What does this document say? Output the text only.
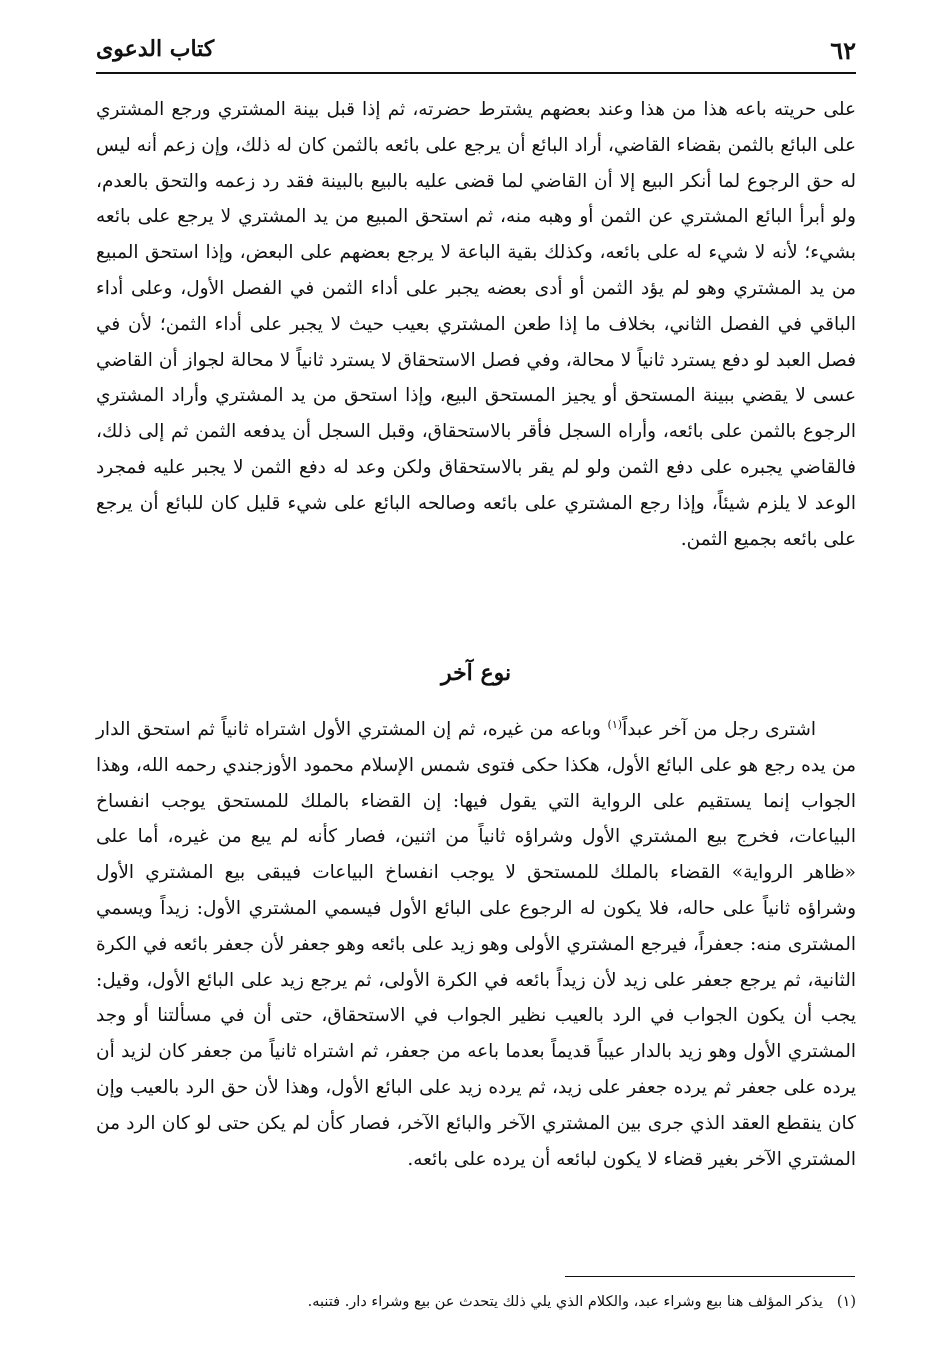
٦٢
كتاب الدعوى

على حريته باعه هذا من هذا وعند بعضهم يشترط حضرته، ثم إذا قبل بينة المشتري ورجع المشتري على البائع بالثمن بقضاء القاضي، أراد البائع أن يرجع على بائعه بالثمن كان له ذلك، وإن زعم أنه ليس له حق الرجوع لما أنكر البيع إلا أن القاضي لما قضى عليه بالبيع بالبينة فقد رد زعمه والتحق بالعدم، ولو أبرأ البائع المشتري عن الثمن أو وهبه منه، ثم استحق المبيع من يد المشتري لا يرجع على بائعه بشيء؛ لأنه لا شيء له على بائعه، وكذلك بقية الباعة لا يرجع بعضهم على البعض، وإذا استحق المبيع من يد المشتري وهو لم يؤد الثمن أو أدى بعضه يجبر على أداء الثمن في الفصل الأول، وعلى أداء الباقي في الفصل الثاني، بخلاف ما إذا طعن المشتري بعيب حيث لا يجبر على أداء الثمن؛ لأن في فصل العبد لو دفع يسترد ثانياً لا محالة، وفي فصل الاستحقاق لا يسترد ثانياً لا محالة لجواز أن القاضي عسى لا يقضي ببينة المستحق أو يجيز المستحق البيع، وإذا استحق من يد المشتري وأراد المشتري الرجوع بالثمن على بائعه، وأراه السجل فأقر بالاستحقاق، وقبل السجل أن يدفعه الثمن ثم إلى ذلك، فالقاضي يجبره على دفع الثمن ولو لم يقر بالاستحقاق ولكن وعد له دفع الثمن لا يجبر عليه فمجرد الوعد لا يلزم شيئاً، وإذا رجع المشتري على بائعه وصالحه البائع على شيء قليل كان للبائع أن يرجع على بائعه بجميع الثمن.

نوع آخر

اشترى رجل من آخر عبداً$^{(١)}$ وباعه من غيره، ثم إن المشتري الأول اشتراه ثانياً ثم استحق الدار من يده رجع هو على البائع الأول، هكذا حكى فتوى شمس الإسلام محمود الأوزجندي رحمه الله، وهذا الجواب إنما يستقيم على الرواية التي يقول فيها: إن القضاء بالملك للمستحق يوجب انفساخ البياعات، فخرج بيع المشتري الأول وشراؤه ثانياً من اثنين، فصار كأنه لم يبع من غيره، أما على «ظاهر الرواية» القضاء بالملك للمستحق لا يوجب انفساخ البياعات فيبقى بيع المشتري الأول وشراؤه ثانياً على حاله، فلا يكون له الرجوع على البائع الأول فيسمي المشتري الأول: زيداً ويسمي المشترى منه: جعفراً، فيرجع المشتري الأولى وهو زيد على بائعه وهو جعفر لأن جعفر بائعه في الكرة الثانية، ثم يرجع جعفر على زيد لأن زيداً بائعه في الكرة الأولى، ثم يرجع زيد على البائع الأول، وقيل: يجب أن يكون الجواب في الرد بالعيب نظير الجواب في الاستحقاق، حتى أن في مسألتنا أو وجد المشتري الأول وهو زيد بالدار عيباً قديماً بعدما باعه من جعفر، ثم اشتراه ثانياً من جعفر كان لزيد أن يرده على جعفر ثم يرده جعفر على زيد، ثم يرده زيد على البائع الأول، وهذا لأن حق الرد بالعيب وإن كان ينقطع العقد الذي جرى بين المشتري الآخر والبائع الآخر، فصار كأن لم يكن حتى لو كان الرد من المشتري الآخر بغير قضاء لا يكون لبائعه أن يرده على بائعه.

(١)يذكر المؤلف هنا بيع وشراء عبد، والكلام الذي يلي ذلك يتحدث عن بيع وشراء دار. فتنبه.
